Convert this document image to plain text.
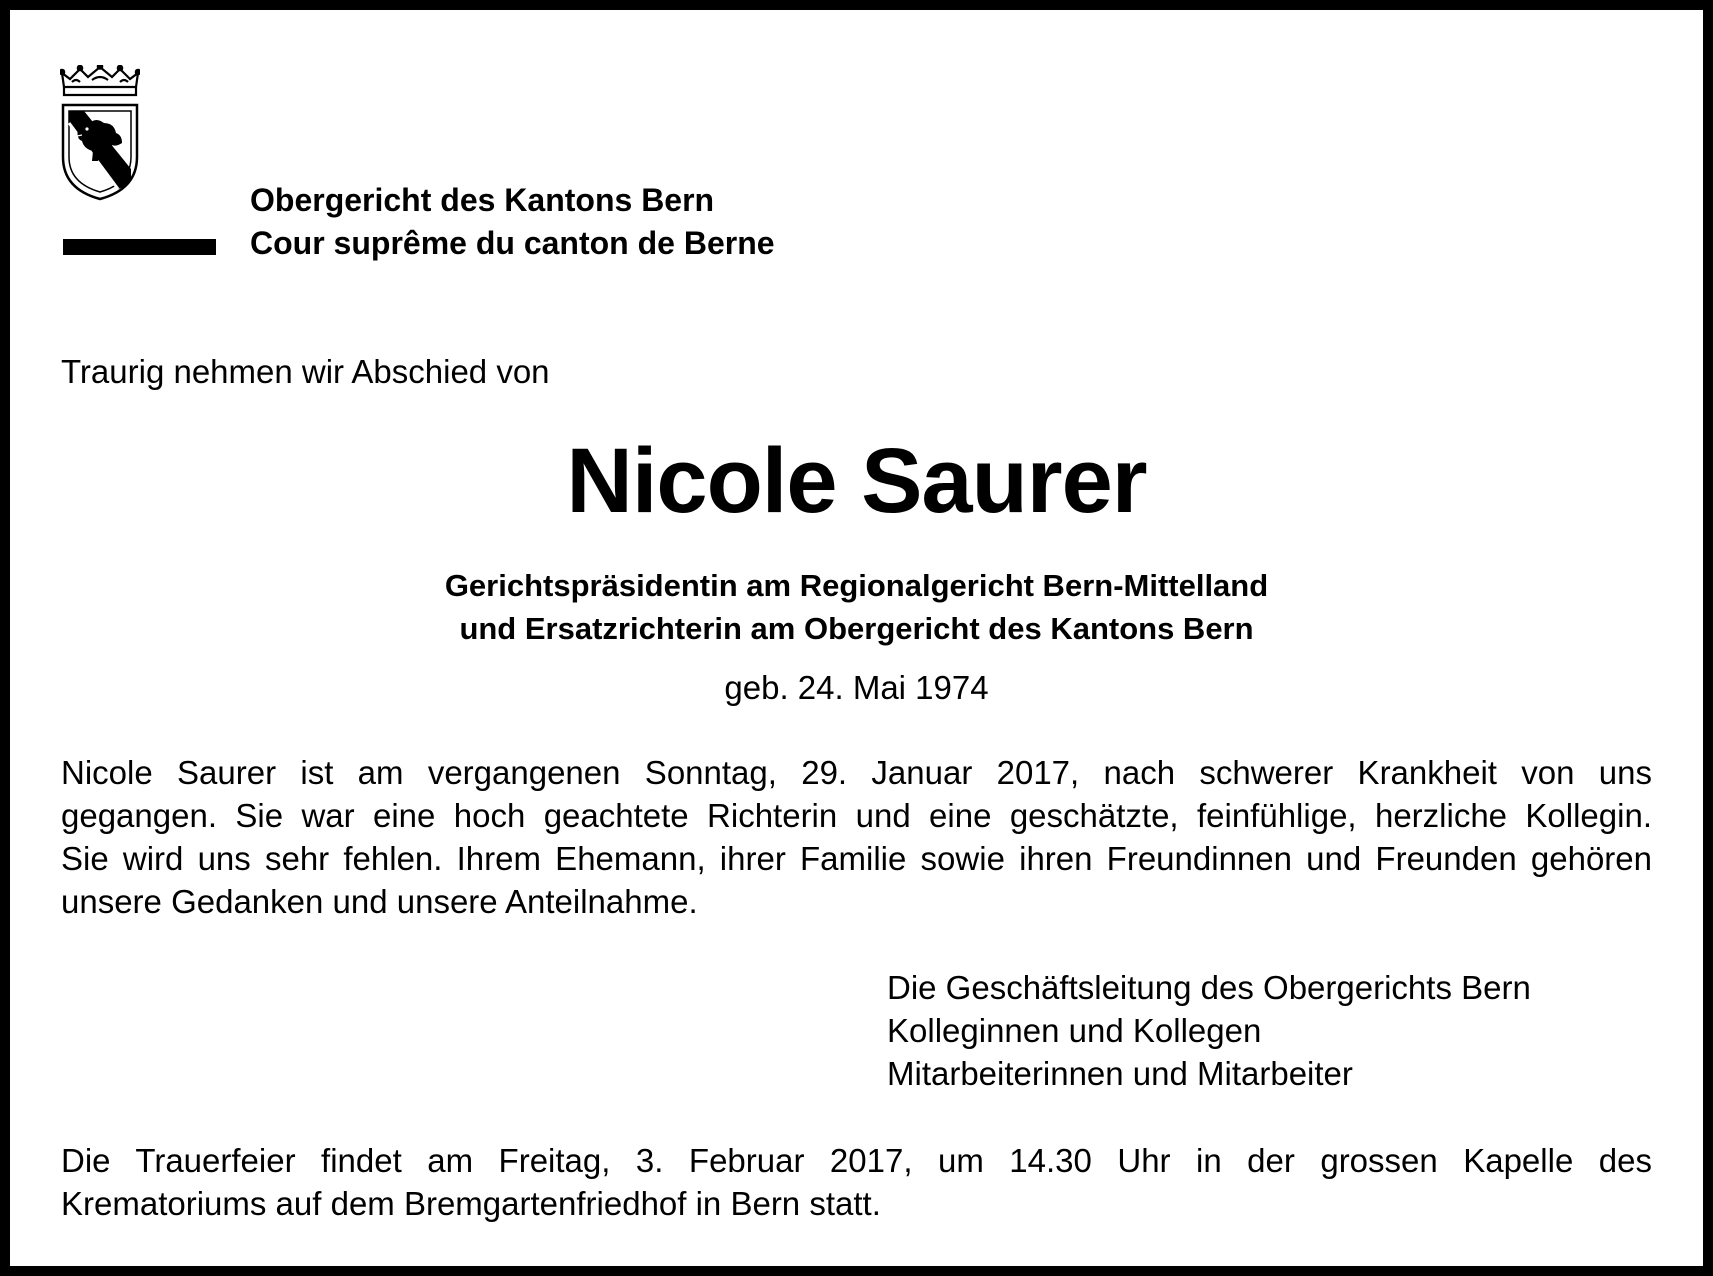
Obergericht des Kantons Bern
Cour suprême du canton de Berne
Traurig nehmen wir Abschied von
Nicole Saurer
Gerichtspräsidentin am Regionalgericht Bern-Mittelland
und Ersatzrichterin am Obergericht des Kantons Bern
geb. 24. Mai 1974
Nicole Saurer ist am vergangenen Sonntag, 29. Januar 2017, nach schwerer Krankheit von uns
gegangen. Sie war eine hoch geachtete Richterin und eine geschätzte, feinfühlige, herzliche Kollegin.
Sie wird uns sehr fehlen. Ihrem Ehemann, ihrer Familie sowie ihren Freundinnen und Freunden gehören
unsere Gedanken und unsere Anteilnahme.
Die Geschäftsleitung des Obergerichts Bern
Kolleginnen und Kollegen
Mitarbeiterinnen und Mitarbeiter
Die Trauerfeier findet am Freitag, 3. Februar 2017, um 14.30 Uhr in der grossen Kapelle des
Krematoriums auf dem Bremgartenfriedhof in Bern statt.
